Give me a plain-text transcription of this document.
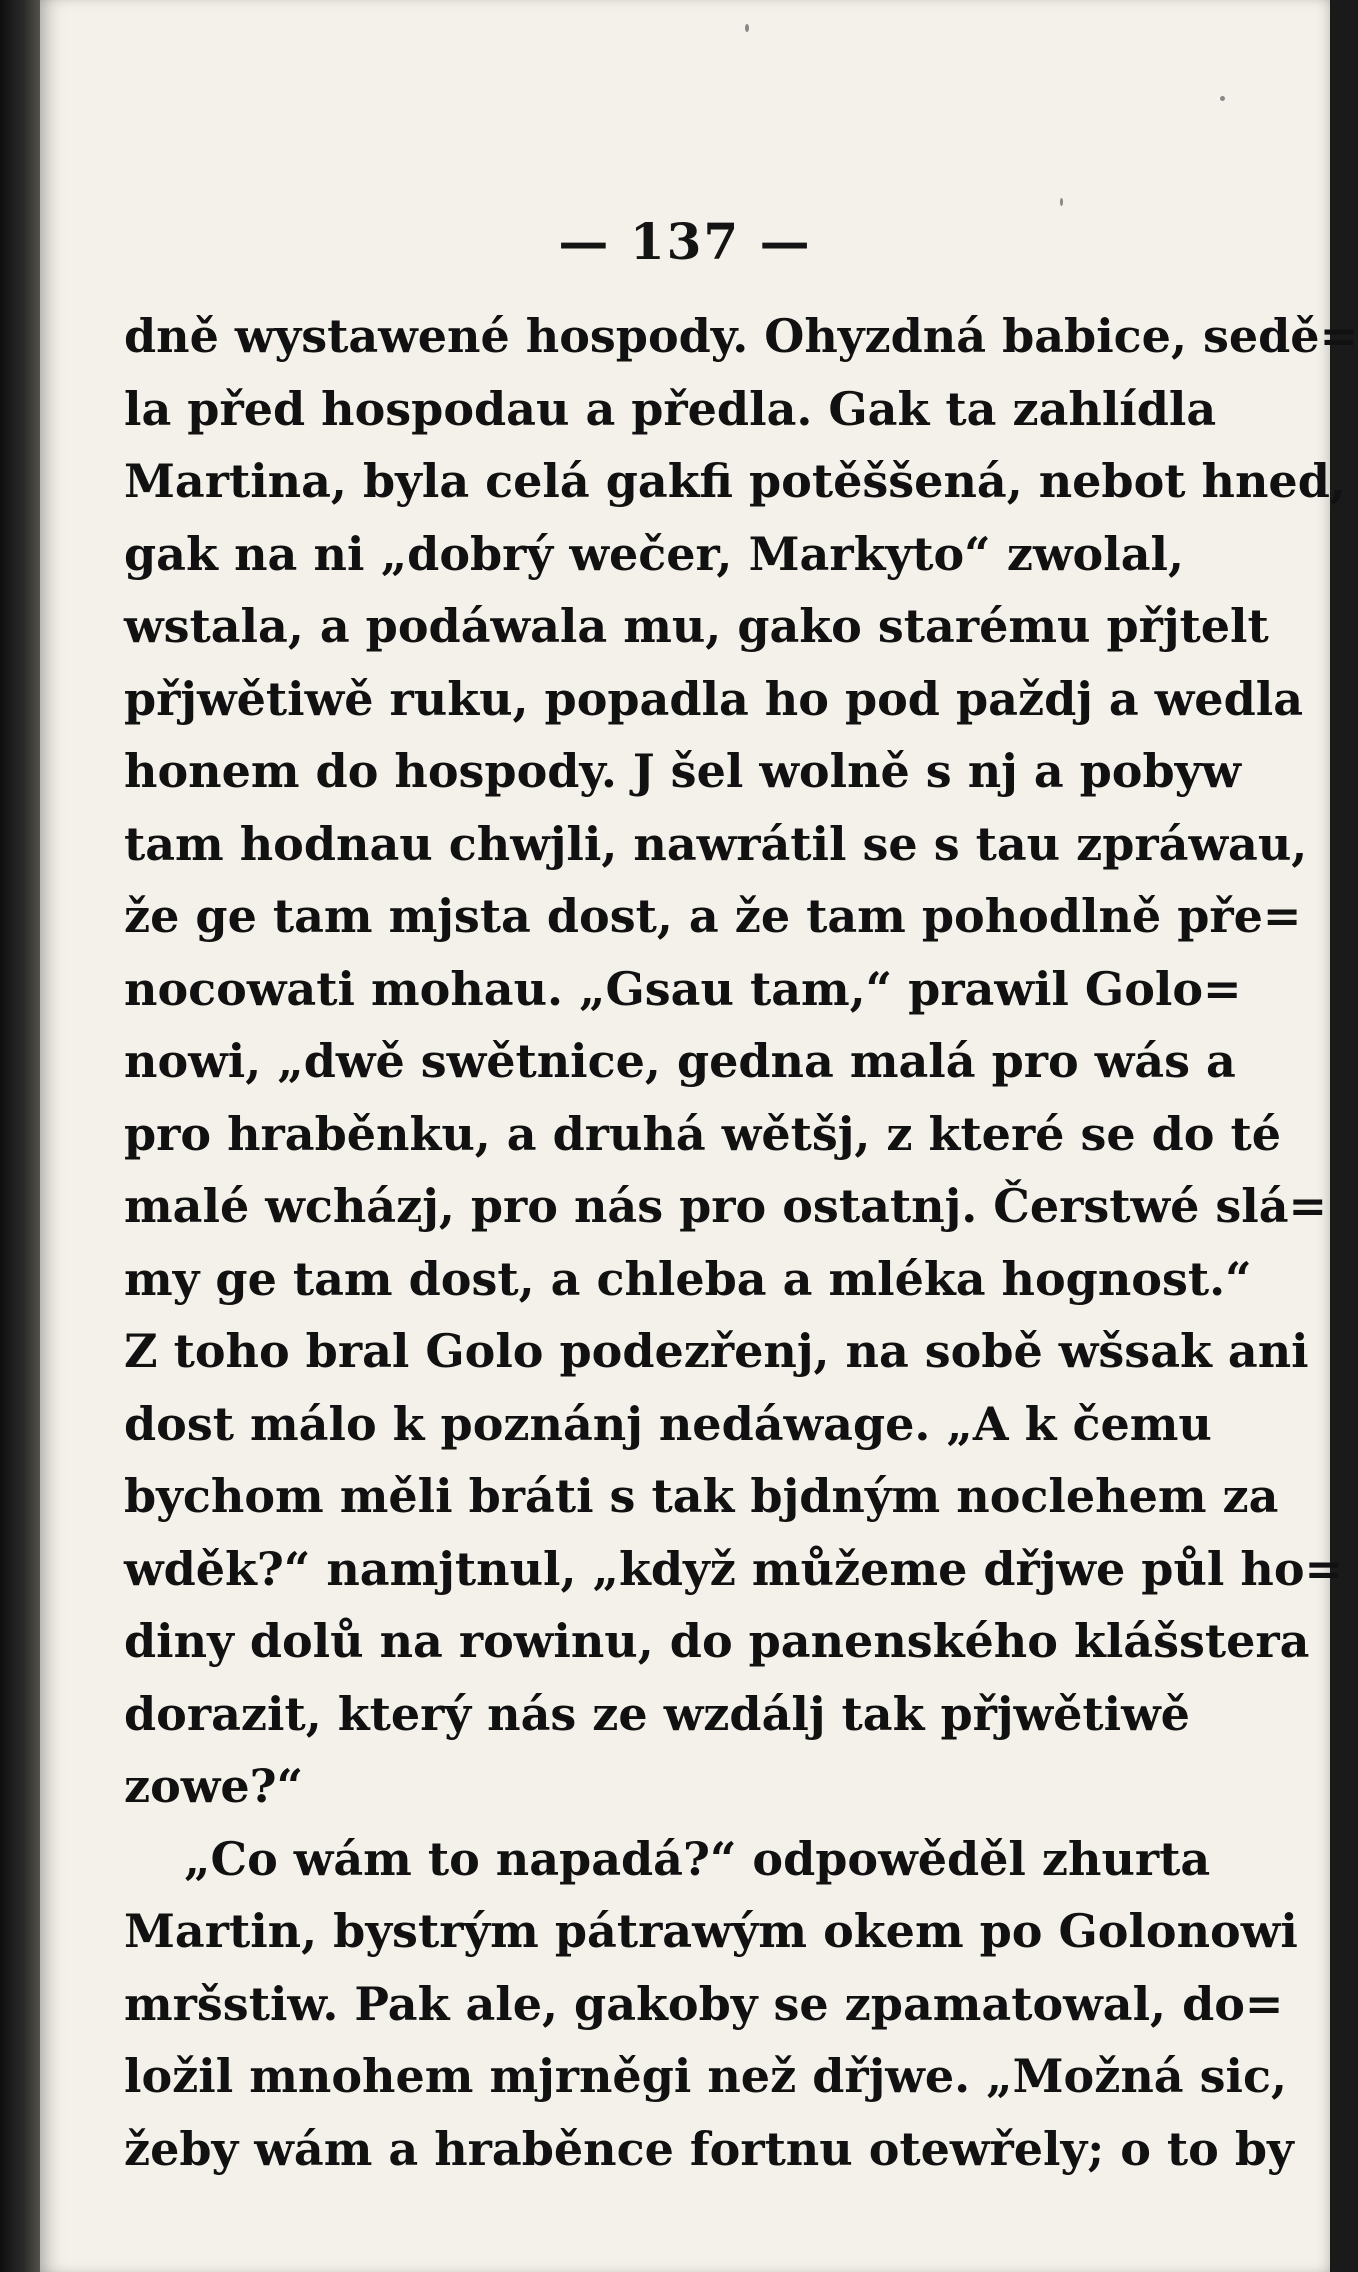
— 137 —
dně wystawené hospody. Ohyzdná babice, sedě=
la před hospodau a předla. Gak ta zahlídla
Martina, byla celá gakfi potěššená, nebot hned,
gak na ni „dobrý wečer, Markyto“ zwolal,
wstala, a podáwala mu, gako starému přjtelt
přjwětiwě ruku, popadla ho pod paždj a wedla
honem do hospody. J šel wolně s nj a pobyw
tam hodnau chwjli, nawrátil se s tau zpráwau,
že ge tam mjsta dost, a že tam pohodlně pře=
nocowati mohau. „Gsau tam,“ prawil Golo=
nowi, „dwě swětnice, gedna malá pro wás a
pro hraběnku, a druhá wětšj, z které se do té
malé wcházj, pro nás pro ostatnj. Čerstwé slá=
my ge tam dost, a chleba a mléka hognost.“
Z toho bral Golo podezřenj, na sobě wšsak ani
dost málo k poznánj nedáwage. „A k čemu
bychom měli bráti s tak bjdným noclehem za
wděk?“ namjtnul, „když můžeme dřjwe půl ho=
diny dolů na rowinu, do panenského klášstera
dorazit, který nás ze wzdálj tak přjwětiwě
zowe?“
„Co wám to napadá?“ odpowěděl zhurta
Martin, bystrým pátrawým okem po Golonowi
mršstiw. Pak ale, gakoby se zpamatowal, do=
ložil mnohem mjrněgi než dřjwe. „Možná sic,
žeby wám a hraběnce fortnu otewřely; o to by
